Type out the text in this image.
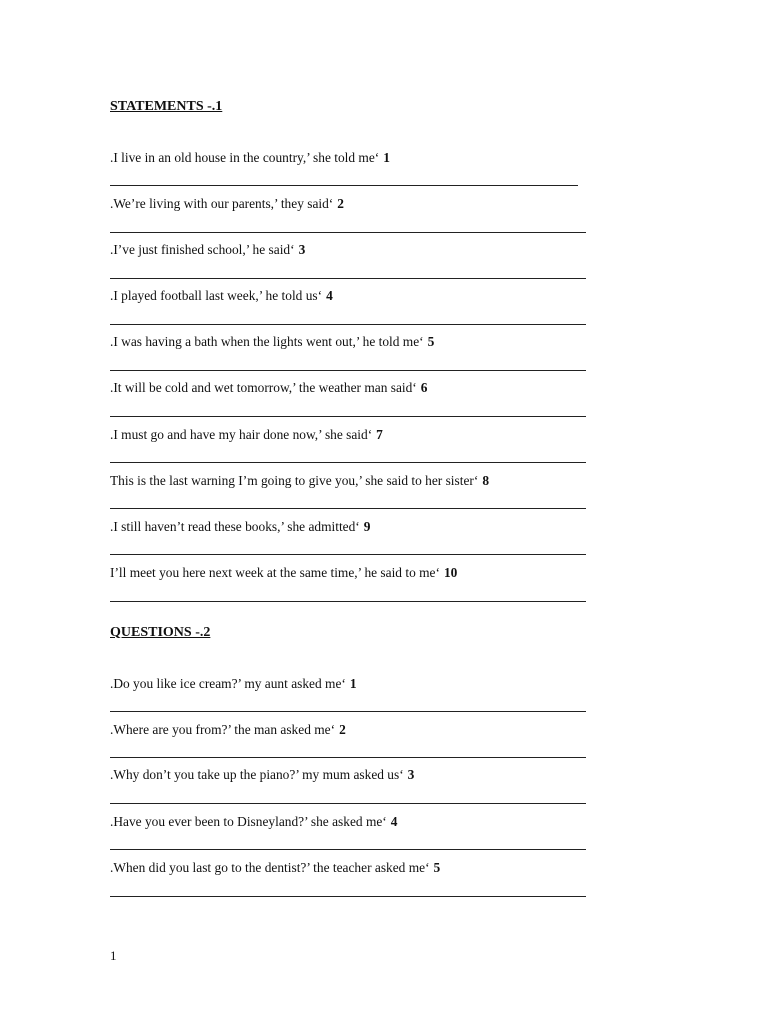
STATEMENTS -.1
.I live in an old house in the country,’ she told me‘ 1
.We’re living with our parents,’ they said‘ 2
.I’ve just finished school,’ he said‘ 3
.I played football last week,’ he told us‘ 4
.I was having a bath when the lights went out,’ he told me‘ 5
.It will be cold and wet tomorrow,’ the weather man said‘ 6
.I must go and have my hair done now,’ she said‘ 7
This is the last warning I’m going to give you,’ she said to her sister‘ 8
.I still haven’t read these books,’ she admitted‘ 9
I’ll meet you here next week at the same time,’ he said to me‘ 10
QUESTIONS -.2
.Do you like ice cream?’ my aunt asked me‘ 1
.Where are you from?’ the man asked me‘ 2
.Why don’t you take up the piano?’ my mum asked us‘ 3
.Have you ever been to Disneyland?’ she asked me‘ 4
.When did you last go to the dentist?’ the teacher asked me‘ 5
1
